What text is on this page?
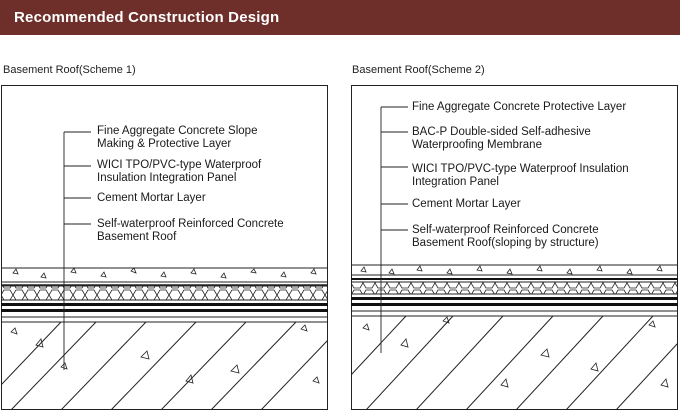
Recommended Construction Design
Basement Roof(Scheme 1)	Basement Roof(Scheme 2)
Fine Aggregate Concrete Slope
Making & Protective Layer
WICI TPO/PVC-type Waterproof
Insulation Integration Panel
Cement Mortar Layer
Self-waterproof Reinforced Concrete
Basement Roof
Fine Aggregate Concrete Protective Layer
BAC-P Double-sided Self-adhesive
Waterproofing Membrane
WICI TPO/PVC-type Waterproof Insulation
Integration Panel
Cement Mortar Layer
Self-waterproof Reinforced Concrete
Basement Roof(sloping by structure)
